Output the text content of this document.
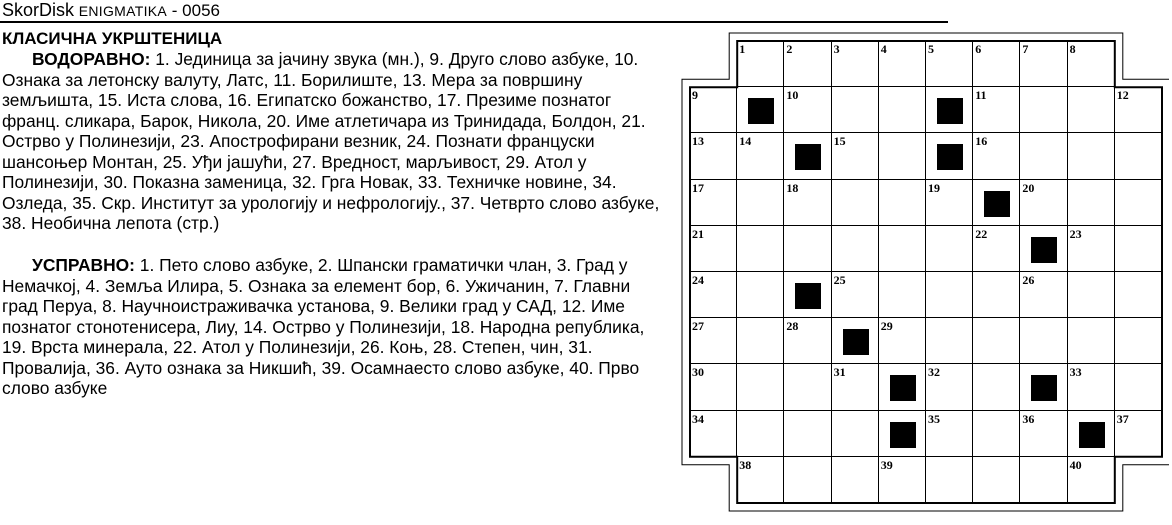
SkorDisk ENIGMATIKA - 0056
КЛАСИЧНА УКРШТЕНИЦА
ВОДОРАВНО: 1. Јединица за јачину звука (мн.), 9. Друго слово азбуке, 10. Ознака за летонску валуту, Латс, 11. Борилиште, 13. Мера за површину земљишта, 15. Иста слова, 16. Египатско божанство, 17. Презиме познатог франц. сликара, Барок, Никола, 20. Име атлетичара из Тринидада, Болдон, 21. Острво у Полинезији, 23. Апострофирани везник, 24. Познати француски шансоњер Монтан, 25. Уђи јашући, 27. Вредност, марљивост, 29. Атол у Полинезији, 30. Показна заменица, 32. Грга Новак, 33. Техничке новине, 34. Озледа, 35. Скр. Институт за урологију и нефрологију., 37. Четврто слово азбуке, 38. Необична лепота (стр.)
УСПРАВНО: 1. Пето слово азбуке, 2. Шпански граматички члан, 3. Град у Немачкој, 4. Земља Илира, 5. Ознака за елемент бор, 6. Ужичанин, 7. Главни град Перуа, 8. Научноистраживачка установа, 9. Велики град у САД, 12. Име познатог стонотенисера, Лиу, 14. Острво у Полинезији, 18. Народна република, 19. Врста минерала, 22. Атол у Полинезији, 26. Коњ, 28. Степен, чин, 31. Провалија, 36. Ауто ознака за Никшић, 39. Осамнаесто слово азбуке, 40. Прво слово азбуке
1	2	3	4	5	6	7	8
9	10	11	12
13	14	15	16
17	18	19	20
21	22	23
24	25	26
27	28	29
30	31	32	33
34	35	36	37
38	39	40
